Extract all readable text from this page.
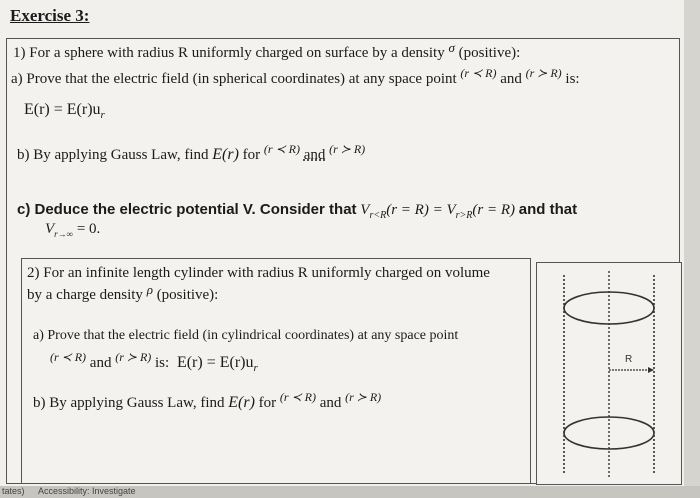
Exercise 3:
1) For a sphere with radius R uniformly charged on surface by a density σ (positive):
a) Prove that the electric field (in spherical coordinates) at any space point $^{(r ≺ R)}$ and $^{(r ≻ R)}$ is:
$E(r) = E(r)u_r$
b) By applying Gauss Law, find E(r) for $^{(r ≺ R)}$ and $^{(r ≻ R)}$
c) Deduce the electric potential V. Consider that $V_{r<R}(r = R) = V_{r>R}(r = R)$ and that
$V_{r\to\infty} = 0$.
2) For an infinite length cylinder with radius R uniformly charged on volume
by a charge density ρ (positive):
a) Prove that the electric field (in cylindrical coordinates) at any space point
$^{(r ≺ R)}$ and $^{(r ≻ R)}$ is: $E(r) = E(r)u_r$
b) By applying Gauss Law, find E(r) for $^{(r ≺ R)}$ and $^{(r ≻ R)}$
R
tates) Accessibility: Investigate
